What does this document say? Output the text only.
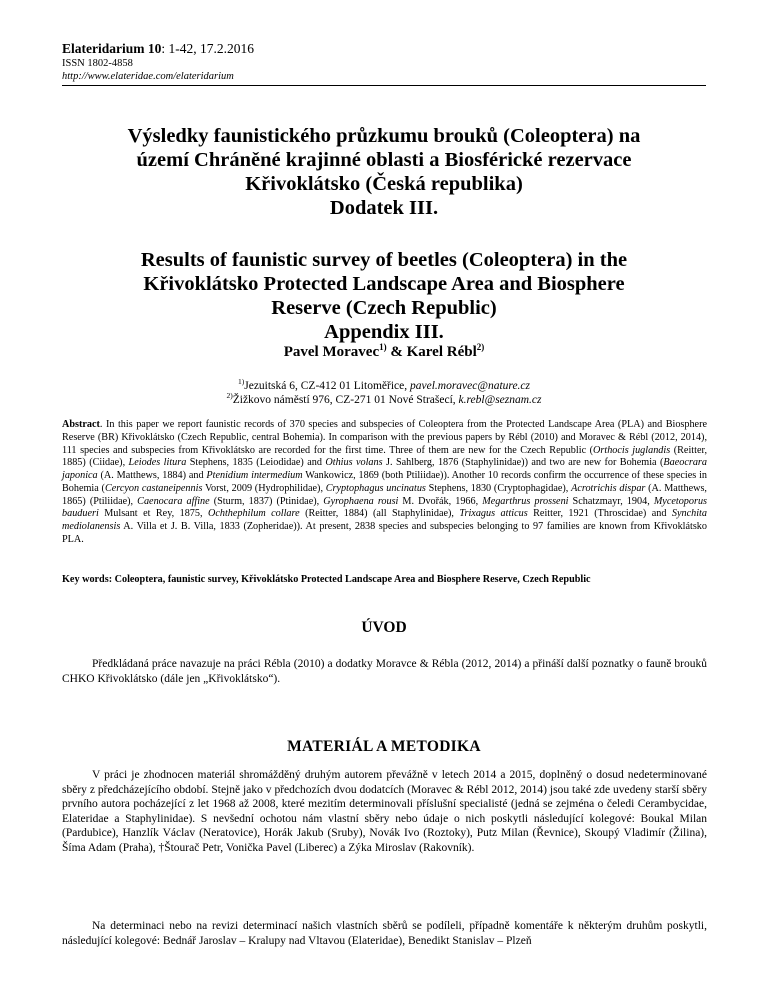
Elateridarium 10: 1-42, 17.2.2016
ISSN 1802-4858
http://www.elateridae.com/elateridarium
Výsledky faunistického průzkumu brouků (Coleoptera) na
území Chráněné krajinné oblasti a Biosférické rezervace
Křivoklátsko (Česká republika)
Dodatek III.
Results of faunistic survey of beetles (Coleoptera) in the
Křivoklátsko Protected Landscape Area and Biosphere
Reserve (Czech Republic)
Appendix III.
Pavel Moravec$^{1)}$ & Karel Rébl$^{2)}$
$^{1)}$Jezuitská 6, CZ-412 01 Litoměřice, pavel.moravec@nature.cz
$^{2)}$Žižkovo náměstí 976, CZ-271 01 Nové Strašecí, k.rebl@seznam.cz
Abstract. In this paper we report faunistic records of 370 species and subspecies of Coleoptera from the Protected Landscape Area (PLA) and Biosphere Reserve (BR) Křivoklátsko (Czech Republic, central Bohemia). In comparison with the previous papers by Rébl (2010) and Moravec & Rébl (2012, 2014), 111 species and subspecies from Křivoklátsko are recorded for the first time. Three of them are new for the Czech Republic (Orthocis juglandis (Reitter, 1885) (Ciidae), Leiodes litura Stephens, 1835 (Leiodidae) and Othius volans J. Sahlberg, 1876 (Staphylinidae)) and two are new for Bohemia (Baeocrara japonica (A. Matthews, 1884) and Ptenidium intermedium Wankowicz, 1869 (both Ptiliidae)). Another 10 records confirm the occurrence of these species in Bohemia (Cercyon castaneipennis Vorst, 2009 (Hydrophilidae), Cryptophagus uncinatus Stephens, 1830 (Cryptophagidae), Acrotrichis dispar (A. Matthews, 1865) (Ptiliidae), Caenocara affine (Sturm, 1837) (Ptinidae), Gyrophaena rousi M. Dvořák, 1966, Megarthrus prosseni Schatzmayr, 1904, Mycetoporus baudueri Mulsant et Rey, 1875, Ochthephilum collare (Reitter, 1884) (all Staphylinidae), Trixagus atticus Reitter, 1921 (Throscidae) and Synchita mediolanensis A. Villa et J. B. Villa, 1833 (Zopheridae)). At present, 2838 species and subspecies belonging to 97 families are known from Křivoklátsko PLA.
Key words: Coleoptera, faunistic survey, Křivoklátsko Protected Landscape Area and Biosphere Reserve, Czech Republic
ÚVOD
Předkládaná práce navazuje na práci Rébla (2010) a dodatky Moravce & Rébla (2012, 2014) a přináší další poznatky o fauně brouků CHKO Křivoklátsko (dále jen „Křivoklátsko“).
MATERIÁL A METODIKA
V práci je zhodnocen materiál shromážděný druhým autorem převážně v letech 2014 a 2015, doplněný o dosud nedeterminované sběry z předcházejícího období. Stejně jako v předchozích dvou dodatcích (Moravec & Rébl 2012, 2014) jsou také zde uvedeny starší sběry prvního autora pocházející z let 1968 až 2008, které mezitím determinovali příslušní specialisté (jedná se zejména o čeledi Cerambycidae, Elateridae a Staphylinidae). S nevšední ochotou nám vlastní sběry nebo údaje o nich poskytli následující kolegové: Boukal Milan (Pardubice), Hanzlík Václav (Neratovice), Horák Jakub (Sruby), Novák Ivo (Roztoky), Putz Milan (Řevnice), Skoupý Vladimír (Žilina), Šíma Adam (Praha), †Štourač Petr, Vonička Pavel (Liberec) a Zýka Miroslav (Rakovník).
Na determinaci nebo na revizi determinací našich vlastních sběrů se podíleli, případně komentáře k některým druhům poskytli, následující kolegové: Bednář Jaroslav – Kralupy nad Vltavou (Elateridae), Benedikt Stanislav – Plzeň
